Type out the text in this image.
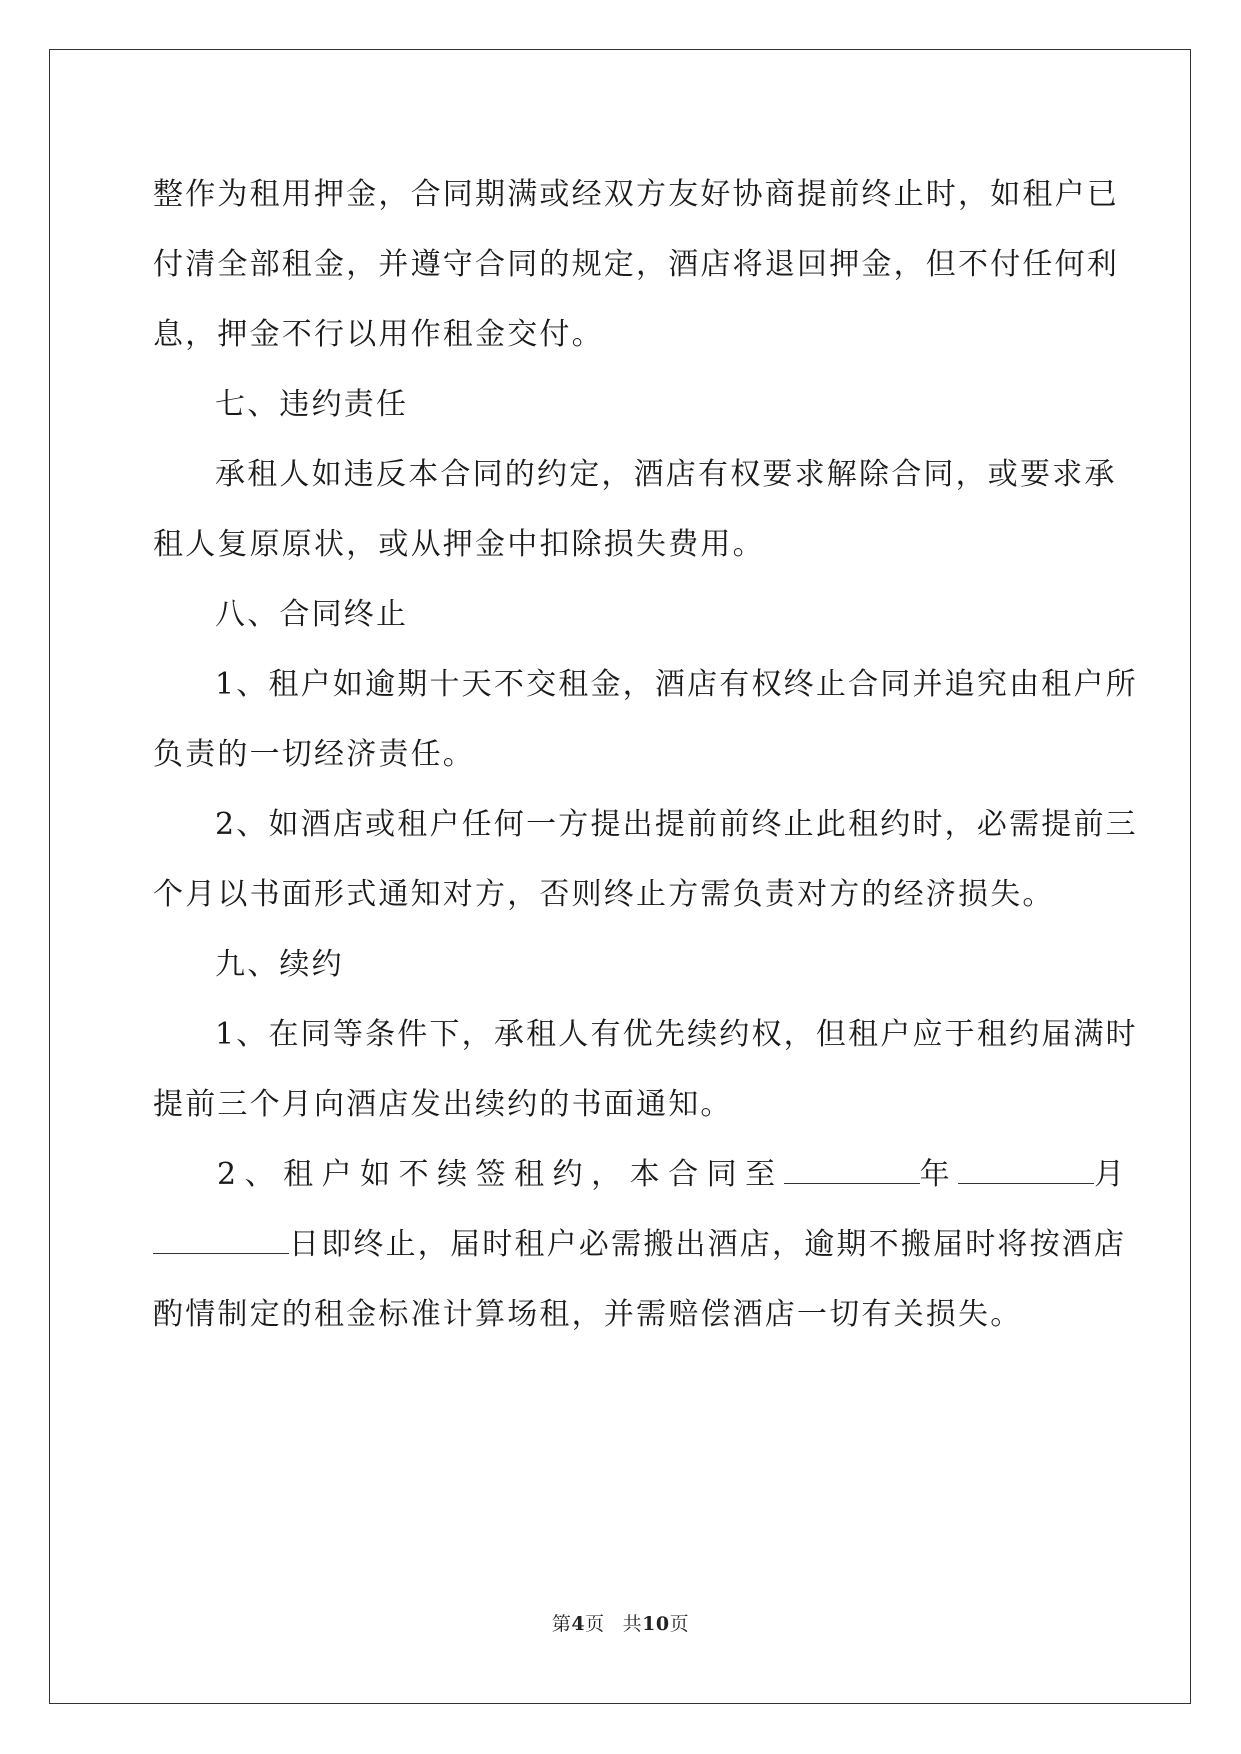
整作为租用押金，合同期满或经双方友好协商提前终止时，如租户已
付清全部租金，并遵守合同的规定，酒店将退回押金，但不付任何利
息，押金不行以用作租金交付。

七、违约责任

承租人如违反本合同的约定，酒店有权要求解除合同，或要求承
租人复原原状，或从押金中扣除损失费用。

八、合同终止

1、租户如逾期十天不交租金，酒店有权终止合同并追究由租户所
负责的一切经济责任。

2、如酒店或租户任何一方提出提前前终止此租约时，必需提前三
个月以书面形式通知对方，否则终止方需负责对方的经济损失。

九、续约

1、在同等条件下，承租人有优先续约权，但租户应于租约届满时
提前三个月向酒店发出续约的书面通知。

2、租户如不续签租约，本合同至	年	月
日即终止，届时租户必需搬出酒店，逾期不搬届时将按酒店
酌情制定的租金标准计算场租，并需赔偿酒店一切有关损失。

第4页 共10页
